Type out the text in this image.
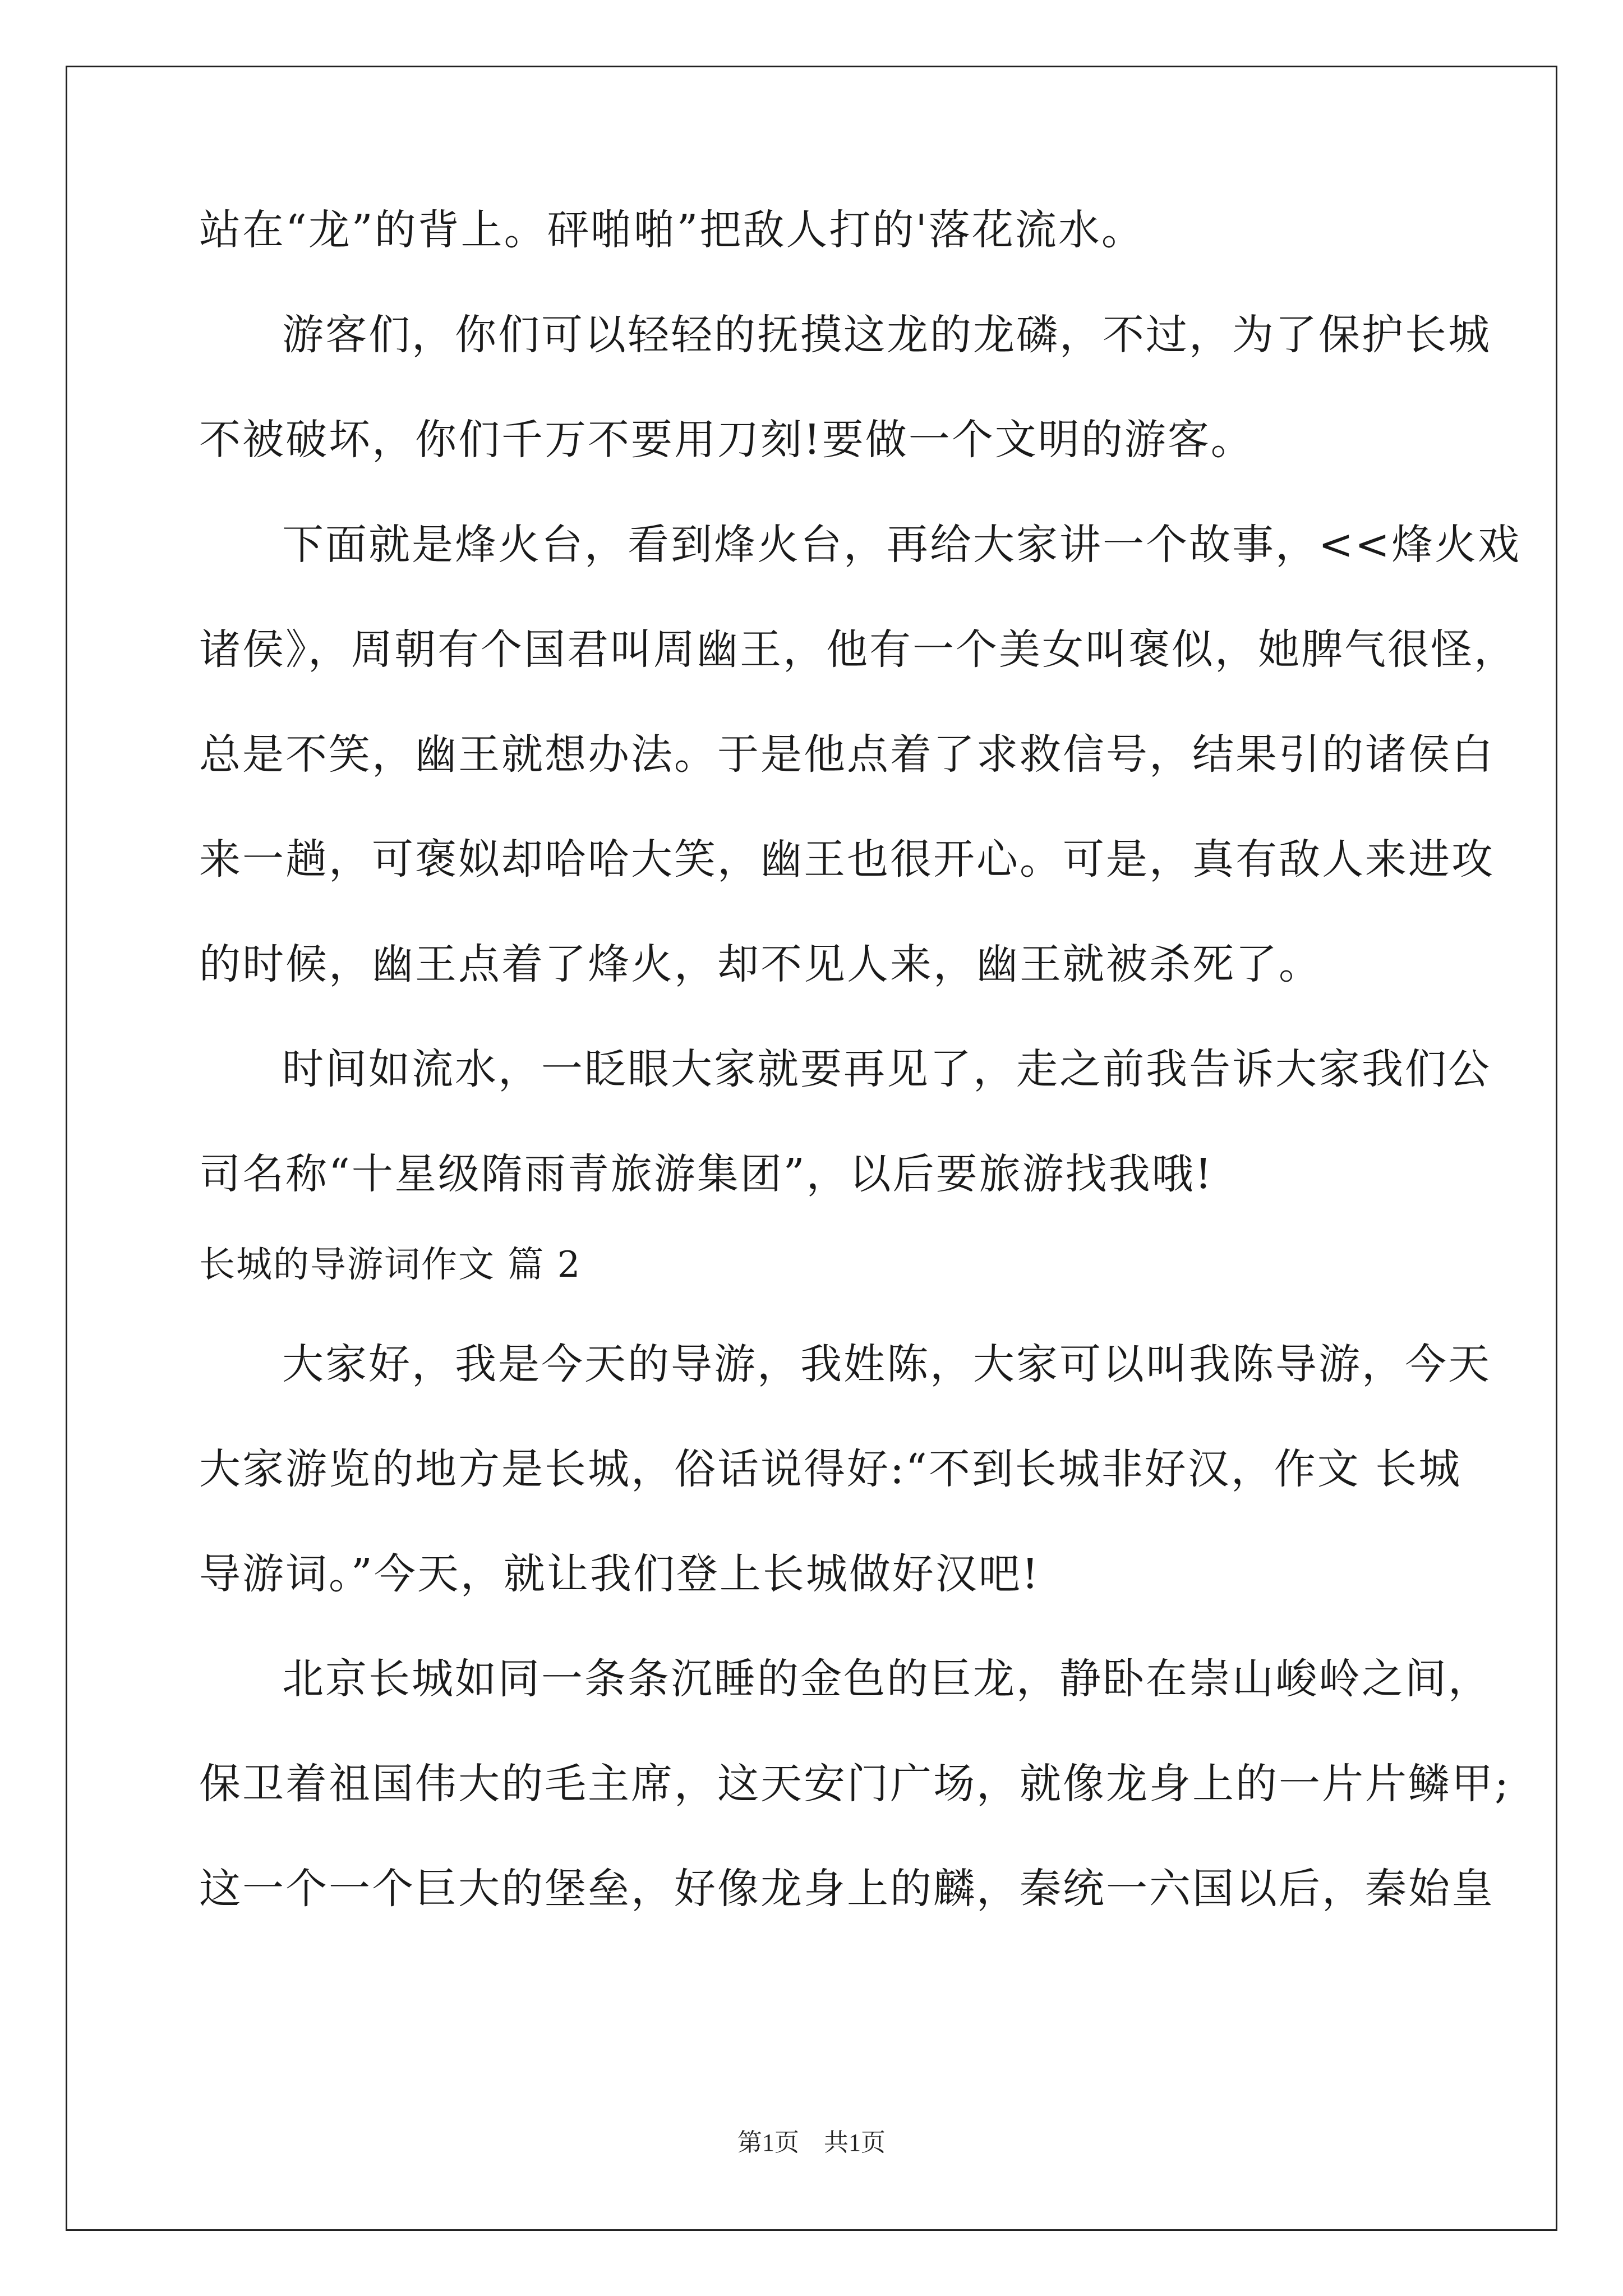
站在“龙”的背上。砰啪啪”把敌人打的'落花流水。
游客们，你们可以轻轻的抚摸这龙的龙磷，不过，为了保护长城
不被破坏，你们千万不要用刀刻!要做一个文明的游客。
下面就是烽火台，看到烽火台，再给大家讲一个故事，<<烽火戏
诸侯》，周朝有个国君叫周幽王，他有一个美女叫褒似，她脾气很怪，
总是不笑，幽王就想办法。于是他点着了求救信号，结果引的诸侯白
来一趟，可褒姒却哈哈大笑，幽王也很开心。可是，真有敌人来进攻
的时候，幽王点着了烽火，却不见人来，幽王就被杀死了。
时间如流水，一眨眼大家就要再见了，走之前我告诉大家我们公
司名称“十星级隋雨青旅游集团”，以后要旅游找我哦!
长城的导游词作文 篇 2
大家好，我是今天的导游，我姓陈，大家可以叫我陈导游，今天
大家游览的地方是长城，俗话说得好:“不到长城非好汉，作文 长城
导游词。”今天，就让我们登上长城做好汉吧!
北京长城如同一条条沉睡的金色的巨龙，静卧在崇山峻岭之间，
保卫着祖国伟大的毛主席，这天安门广场，就像龙身上的一片片鳞甲;
这一个一个巨大的堡垒，好像龙身上的麟，秦统一六国以后，秦始皇
第1页　共1页
